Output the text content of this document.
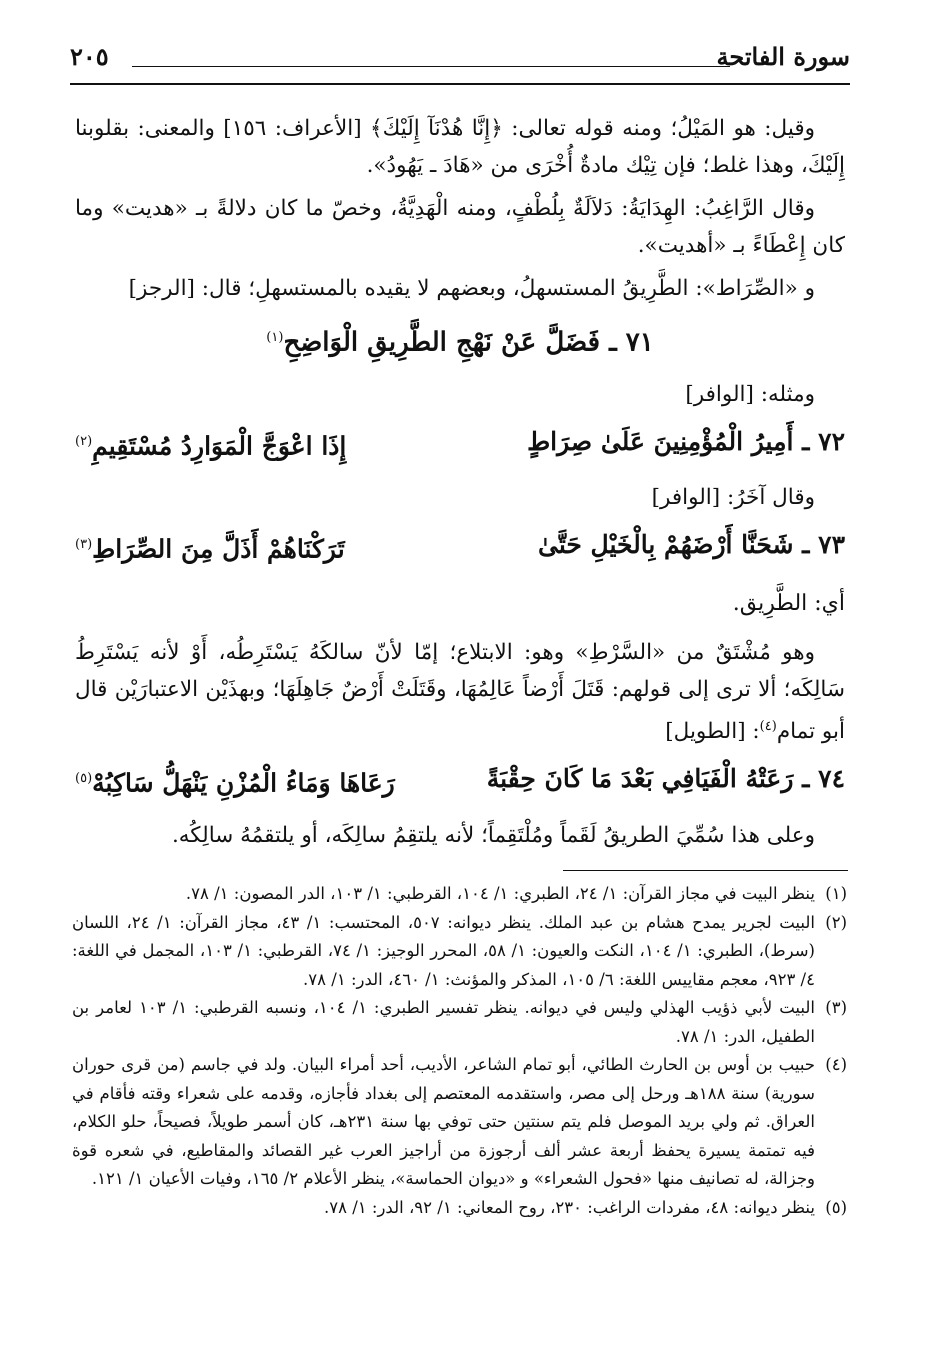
سورة الفاتحة
٢٠٥

وقيل: هو المَيْلُ؛ ومنه قوله تعالى: ﴿إِنَّا هُدْنَآ إِلَيْكَ﴾ [الأعراف: ١٥٦] والمعنى: بقلوبنا إِلَيْكَ، وهذا غلط؛ فإن تِيْك مادةٌ أُخْرَى من «هَادَ ـ يَهُودُ».

وقال الرَّاغِبُ: الهِدَايَةُ: دَلاَلَةٌ بِلُطْفٍ، ومنه الْهَدِيَّةُ، وخصّ ما كان دلالةً بـ «هديت» وما كان إِعْطَاءً بـ «أهديت».

و «الصِّرَاط»: الطَّرِيقُ المستسهلُ، وبعضهم لا يقيده بالمستسهلِ؛ قال: [الرجز]

٧١ ـ فَضَلَّ عَنْ نَهْجِ الطَّرِيقِ الْوَاضِحِ$^{(١)}$

ومثله: [الوافر]

٧٢ ـ أَمِيرُ الْمُؤْمِنِينَ عَلَىٰ صِرَاطٍ
إِذَا اعْوَجَّ الْمَوَارِدُ مُسْتَقِيمِ$^{(٢)}$

وقال آخَرُ: [الوافر]

٧٣ ـ شَحَنَّا أَرْضَهُمْ بِالْخَيْلِ حَتَّىٰ
تَرَكْنَاهُمْ أَذَلَّ مِنَ الصِّرَاطِ$^{(٣)}$

أي: الطَّرِيق.

وهو مُشْتَقٌ من «السَّرْطِ» وهو: الابتلاع؛ إمّا لأنّ سالكَهُ يَسْتَرِطُه، أَوْ لأنه يَسْتَرِطُ سَالِكَه؛ ألا ترى إلى قولهم: قَتَلَ أَرْضاً عَالِمُهَا، وقَتَلَتْ أَرْضٌ جَاهِلَهَا؛ وبهذَيْن الاعتبارَيْن قال أبو تمام$^{(٤)}$: [الطويل]

٧٤ ـ رَعَتْهُ الْفَيَافِي بَعْدَ مَا كَانَ حِقْبَةً
رَعَاهَا وَمَاءُ الْمُزْنِ يَنْهَلُّ سَاكِبُهْ$^{(٥)}$

وعلى هذا سُمِّيَ الطريقُ لَقَماً ومُلْتَقِماً؛ لأنه يلتقِمُ سالِكَه، أو يلتقمُهُ سالِكُه.

(١)
ينظر البيت في مجاز القرآن: ١/ ٢٤، الطبري: ١/ ١٠٤، القرطبي: ١/ ١٠٣، الدر المصون: ١/ ٧٨.

(٢)
البيت لجرير يمدح هشام بن عبد الملك. ينظر ديوانه: ٥٠٧، المحتسب: ١/ ٤٣، مجاز القرآن: ١/ ٢٤، اللسان (سرط)، الطبري: ١/ ١٠٤، النكت والعيون: ١/ ٥٨، المحرر الوجيز: ١/ ٧٤، القرطبي: ١/ ١٠٣، المجمل في اللغة: ٤/ ٩٢٣، معجم مقاييس اللغة: ٦/ ١٠٥، المذكر والمؤنث: ١/ ٤٦٠، الدر: ١/ ٧٨.

(٣)
البيت لأبي ذؤيب الهذلي وليس في ديوانه. ينظر تفسير الطبري: ١/ ١٠٤، ونسبه القرطبي: ١/ ١٠٣ لعامر بن الطفيل، الدر: ١/ ٧٨.

(٤)
حبيب بن أوس بن الحارث الطائي، أبو تمام الشاعر، الأديب، أحد أمراء البيان. ولد في جاسم (من قرى حوران سورية) سنة ١٨٨هـ ورحل إلى مصر، واستقدمه المعتصم إلى بغداد فأجازه، وقدمه على شعراء وقته فأقام في العراق. ثم ولي بريد الموصل فلم يتم سنتين حتى توفي بها سنة ٢٣١هـ، كان أسمر طويلاً، فصيحاً، حلو الكلام، فيه تمتمة يسيرة يحفظ أربعة عشر ألف أرجوزة من أراجيز العرب غير القصائد والمقاطيع، في شعره قوة وجزالة، له تصانيف منها «فحول الشعراء» و «ديوان الحماسة»، ينظر الأعلام ٢/ ١٦٥، وفيات الأعيان ١/ ١٢١.

(٥)
ينظر ديوانه: ٤٨، مفردات الراغب: ٢٣٠، روح المعاني: ١/ ٩٢، الدر: ١/ ٧٨.
